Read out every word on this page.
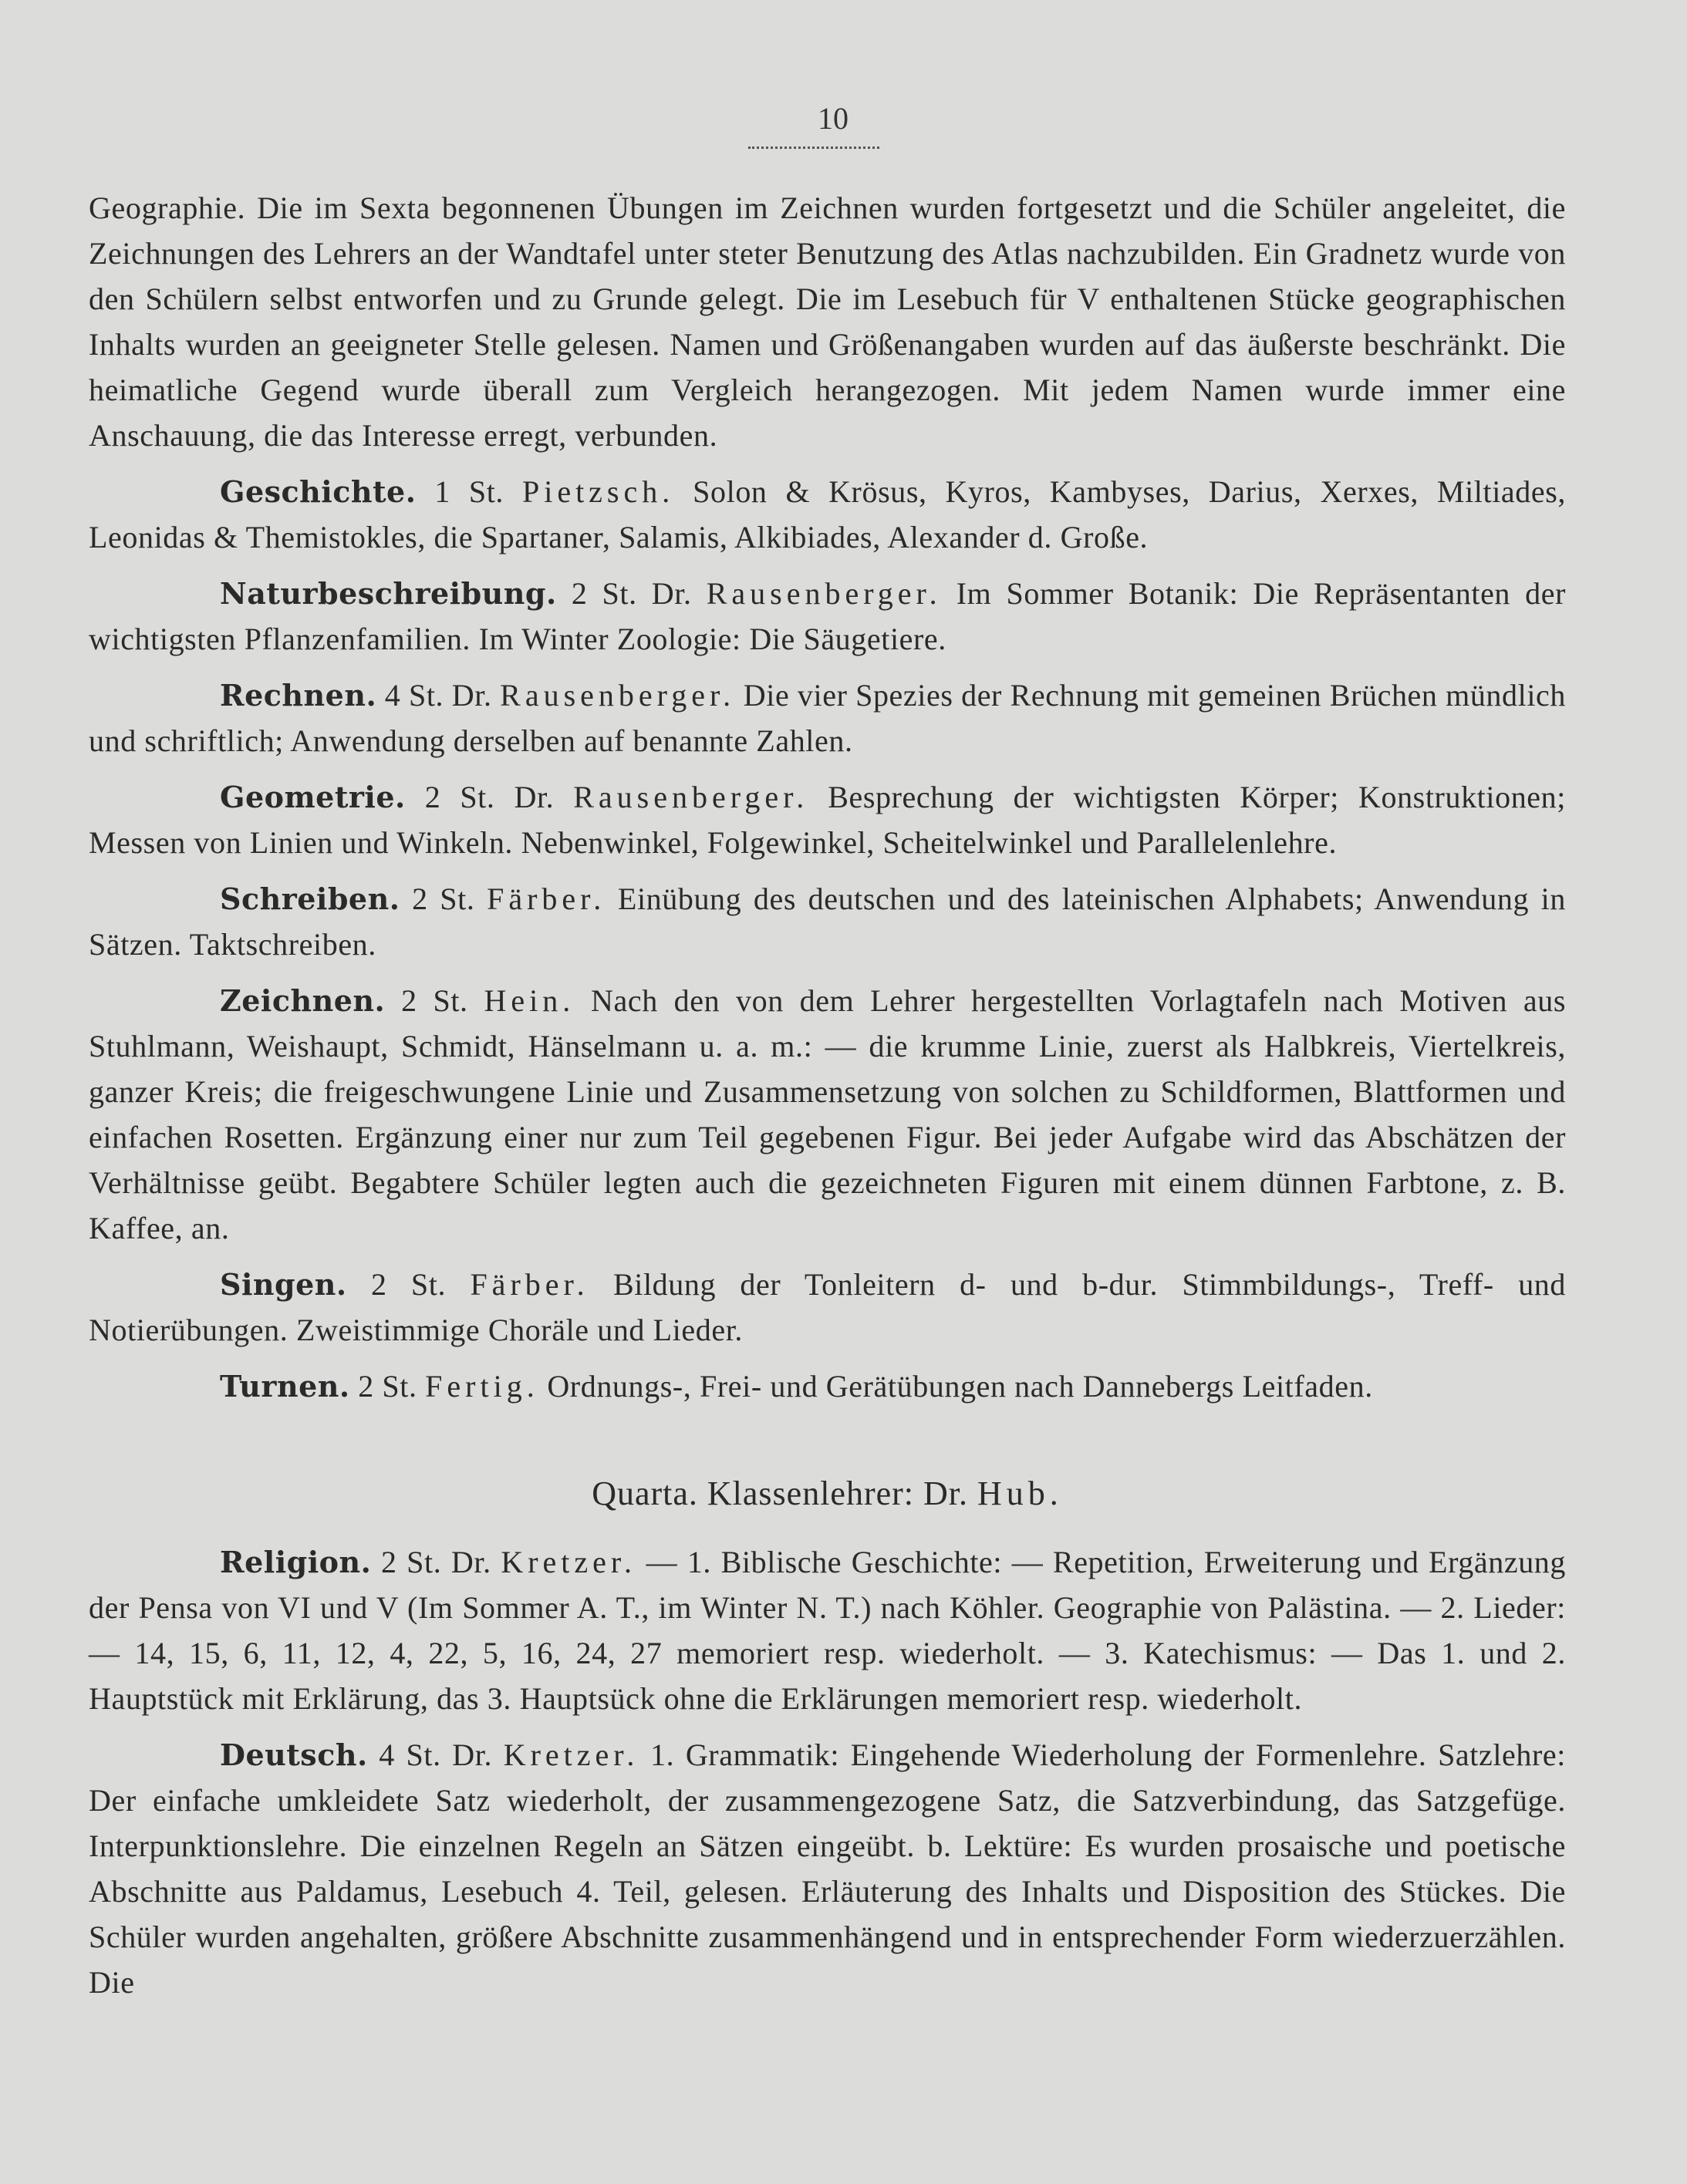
10

Geographie. Die im Sexta begonnenen Übungen im Zeichnen wurden fortgesetzt und die Schüler angeleitet, die Zeichnungen des Lehrers an der Wandtafel unter steter Benutzung des Atlas nachzubilden. Ein Gradnetz wurde von den Schülern selbst entworfen und zu Grunde gelegt. Die im Lesebuch für V enthaltenen Stücke geographischen Inhalts wurden an geeigneter Stelle gelesen. Namen und Größenangaben wurden auf das äußerste beschränkt. Die heimatliche Gegend wurde überall zum Vergleich herangezogen. Mit jedem Namen wurde immer eine Anschauung, die das Interesse erregt, verbunden.

Geschichte. 1 St. Pietzsch. Solon & Krösus, Kyros, Kambyses, Darius, Xerxes, Miltiades, Leonidas & Themistokles, die Spartaner, Salamis, Alkibiades, Alexander d. Große.

Naturbeschreibung. 2 St. Dr. Rausenberger. Im Sommer Botanik: Die Repräsentanten der wichtigsten Pflanzenfamilien. Im Winter Zoologie: Die Säugetiere.

Rechnen. 4 St. Dr. Rausenberger. Die vier Spezies der Rechnung mit gemeinen Brüchen mündlich und schriftlich; Anwendung derselben auf benannte Zahlen.

Geometrie. 2 St. Dr. Rausenberger. Besprechung der wichtigsten Körper; Konstruktionen; Messen von Linien und Winkeln. Nebenwinkel, Folgewinkel, Scheitelwinkel und Parallelenlehre.

Schreiben. 2 St. Färber. Einübung des deutschen und des lateinischen Alphabets; Anwendung in Sätzen. Taktschreiben.

Zeichnen. 2 St. Hein. Nach den von dem Lehrer hergestellten Vorlagtafeln nach Motiven aus Stuhlmann, Weishaupt, Schmidt, Hänselmann u. a. m.: — die krumme Linie, zuerst als Halbkreis, Viertelkreis, ganzer Kreis; die freigeschwungene Linie und Zusammensetzung von solchen zu Schildformen, Blattformen und einfachen Rosetten. Ergänzung einer nur zum Teil gegebenen Figur. Bei jeder Aufgabe wird das Abschätzen der Verhältnisse geübt. Begabtere Schüler legten auch die gezeichneten Figuren mit einem dünnen Farbtone, z. B. Kaffee, an.

Singen. 2 St. Färber. Bildung der Tonleitern d- und b-dur. Stimmbildungs-, Treff- und Notierübungen. Zweistimmige Choräle und Lieder.

Turnen. 2 St. Fertig. Ordnungs-, Frei- und Gerätübungen nach Dannebergs Leitfaden.

Quarta. Klassenlehrer: Dr. Hub.

Religion. 2 St. Dr. Kretzer. — 1. Biblische Geschichte: — Repetition, Erweiterung und Ergänzung der Pensa von VI und V (Im Sommer A. T., im Winter N. T.) nach Köhler. Geographie von Palästina. — 2. Lieder: — 14, 15, 6, 11, 12, 4, 22, 5, 16, 24, 27 memoriert resp. wiederholt. — 3. Katechismus: — Das 1. und 2. Hauptstück mit Erklärung, das 3. Hauptsück ohne die Erklärungen memoriert resp. wiederholt.

Deutsch. 4 St. Dr. Kretzer. 1. Grammatik: Eingehende Wiederholung der Formenlehre. Satzlehre: Der einfache umkleidete Satz wiederholt, der zusammengezogene Satz, die Satzverbindung, das Satzgefüge. Interpunktionslehre. Die einzelnen Regeln an Sätzen eingeübt. b. Lektüre: Es wurden prosaische und poetische Abschnitte aus Paldamus, Lesebuch 4. Teil, gelesen. Erläuterung des Inhalts und Disposition des Stückes. Die Schüler wurden angehalten, größere Abschnitte zusammenhängend und in entsprechender Form wiederzuerzählen. Die
